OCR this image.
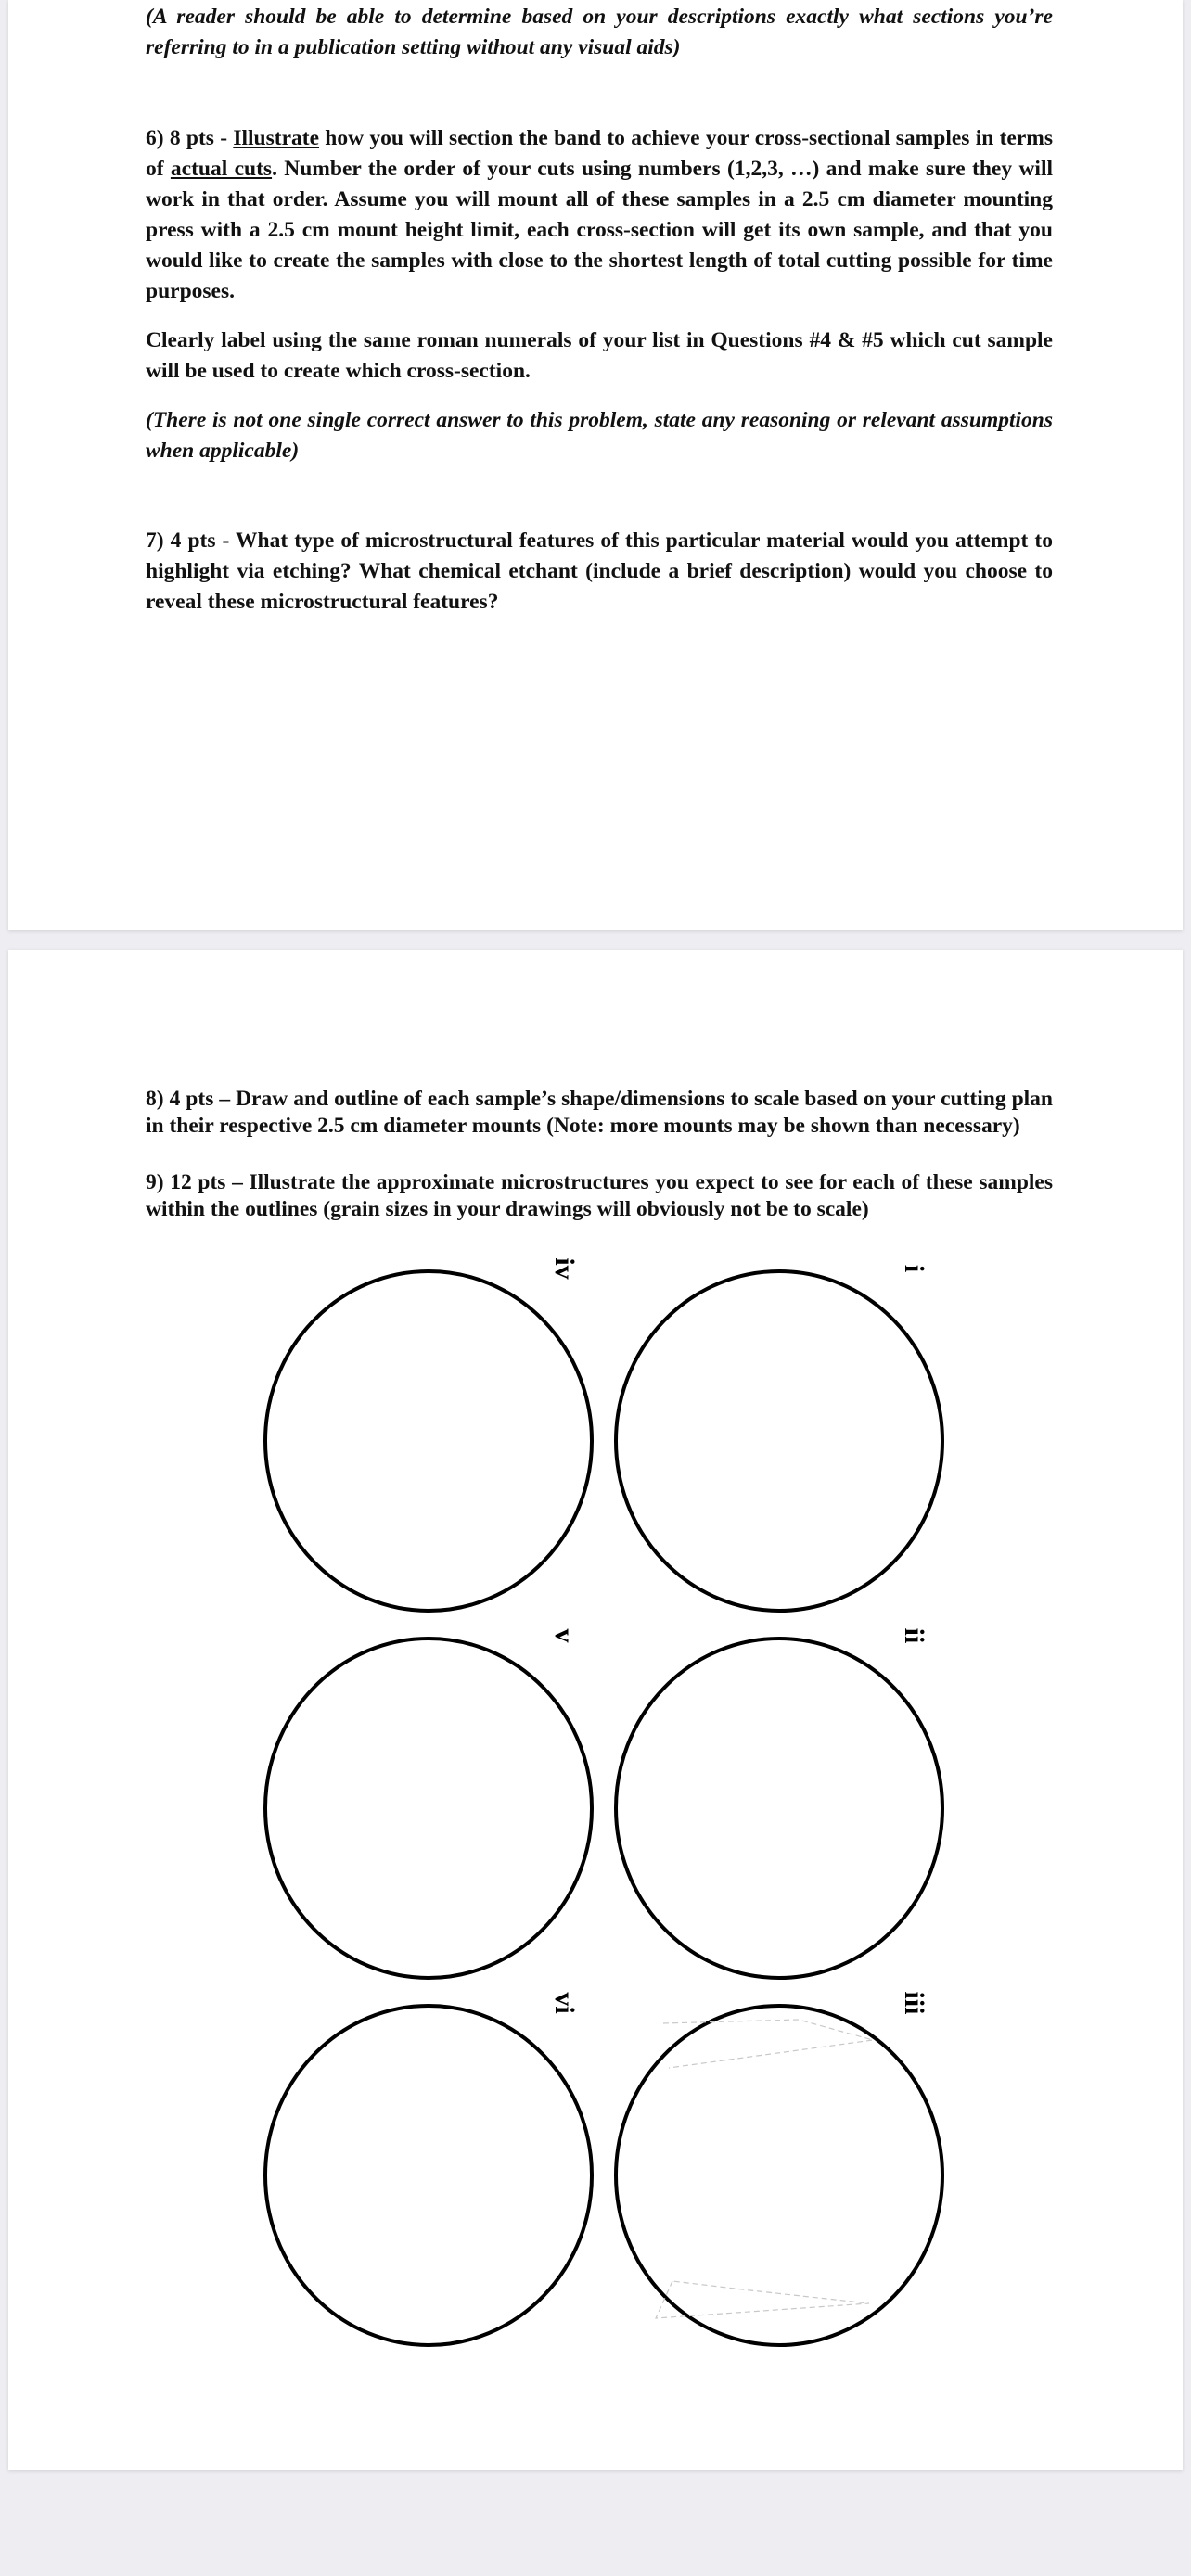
(A reader should be able to determine based on your descriptions exactly what sections you’re referring to in a publication setting without any visual aids)

6) 8 pts - Illustrate how you will section the band to achieve your cross-sectional samples in terms of actual cuts. Number the order of your cuts using numbers (1,2,3, …) and make sure they will work in that order. Assume you will mount all of these samples in a 2.5 cm diameter mounting press with a 2.5 cm mount height limit, each cross-section will get its own sample, and that you would like to create the samples with close to the shortest length of total cutting possible for time purposes.

Clearly label using the same roman numerals of your list in Questions #4 & #5 which cut sample will be used to create which cross-section.

(There is not one single correct answer to this problem, state any reasoning or relevant assumptions when applicable)

7) 4 pts - What type of microstructural features of this particular material would you attempt to highlight via etching? What chemical etchant (include a brief description) would you choose to reveal these microstructural features?

8) 4 pts – Draw and outline of each sample’s shape/dimensions to scale based on your cutting plan in their respective 2.5 cm diameter mounts (Note: more mounts may be shown than necessary)

9) 12 pts – Illustrate the approximate microstructures you expect to see for each of these samples within the outlines (grain sizes in your drawings will obviously not be to scale)

iv	i
v	ii
vi	iii
